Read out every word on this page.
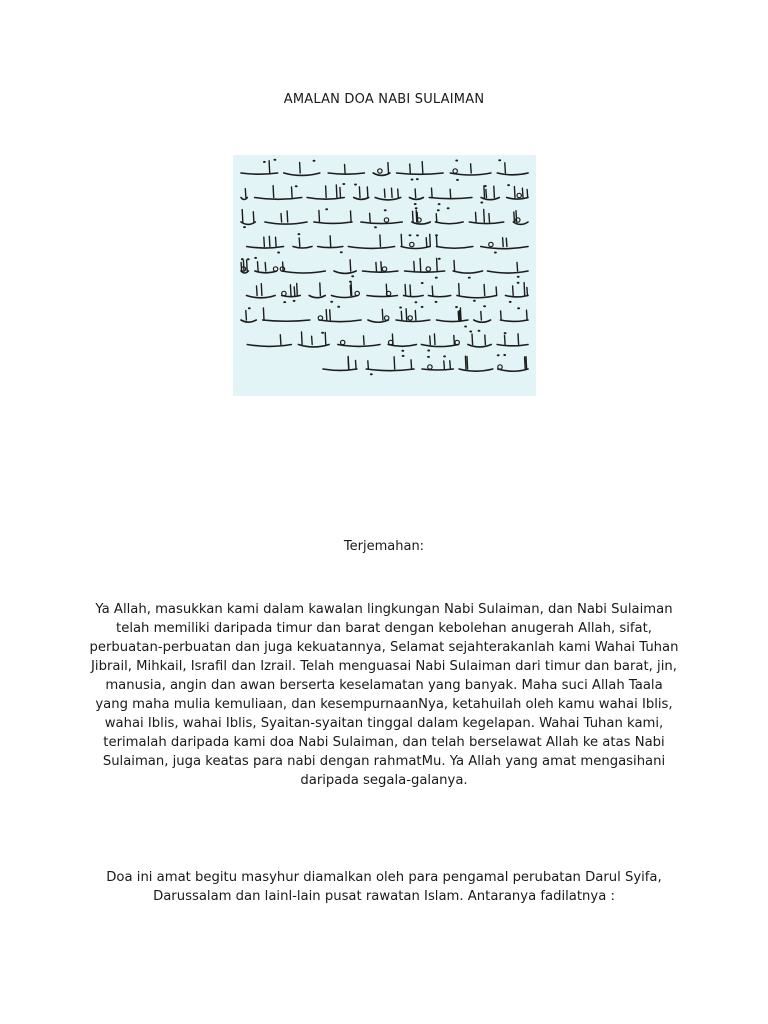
AMALAN DOA NABI SULAIMAN
Terjemahan:
Ya Allah, masukkan kami dalam kawalan lingkungan Nabi Sulaiman, dan Nabi Sulaiman telah memiliki daripada timur dan barat dengan kebolehan anugerah Allah, sifat, perbuatan-perbuatan dan juga kekuatannya, Selamat sejahterakanlah kami Wahai Tuhan Jibrail, Mihkail, Israfil dan Izrail. Telah menguasai Nabi Sulaiman dari timur dan barat, jin, manusia, angin dan awan berserta keselamatan yang banyak. Maha suci Allah Taala yang maha mulia kemuliaan, dan kesempurnaanNya, ketahuilah oleh kamu wahai Iblis, wahai Iblis, wahai Iblis, Syaitan-syaitan tinggal dalam kegelapan. Wahai Tuhan kami, terimalah daripada kami doa Nabi Sulaiman, dan telah berselawat Allah ke atas Nabi Sulaiman, juga keatas para nabi dengan rahmatMu. Ya Allah yang amat mengasihani daripada segala-galanya.
Doa ini amat begitu masyhur diamalkan oleh para pengamal perubatan Darul Syifa, Darussalam dan lainl-lain pusat rawatan Islam. Antaranya fadilatnya :
